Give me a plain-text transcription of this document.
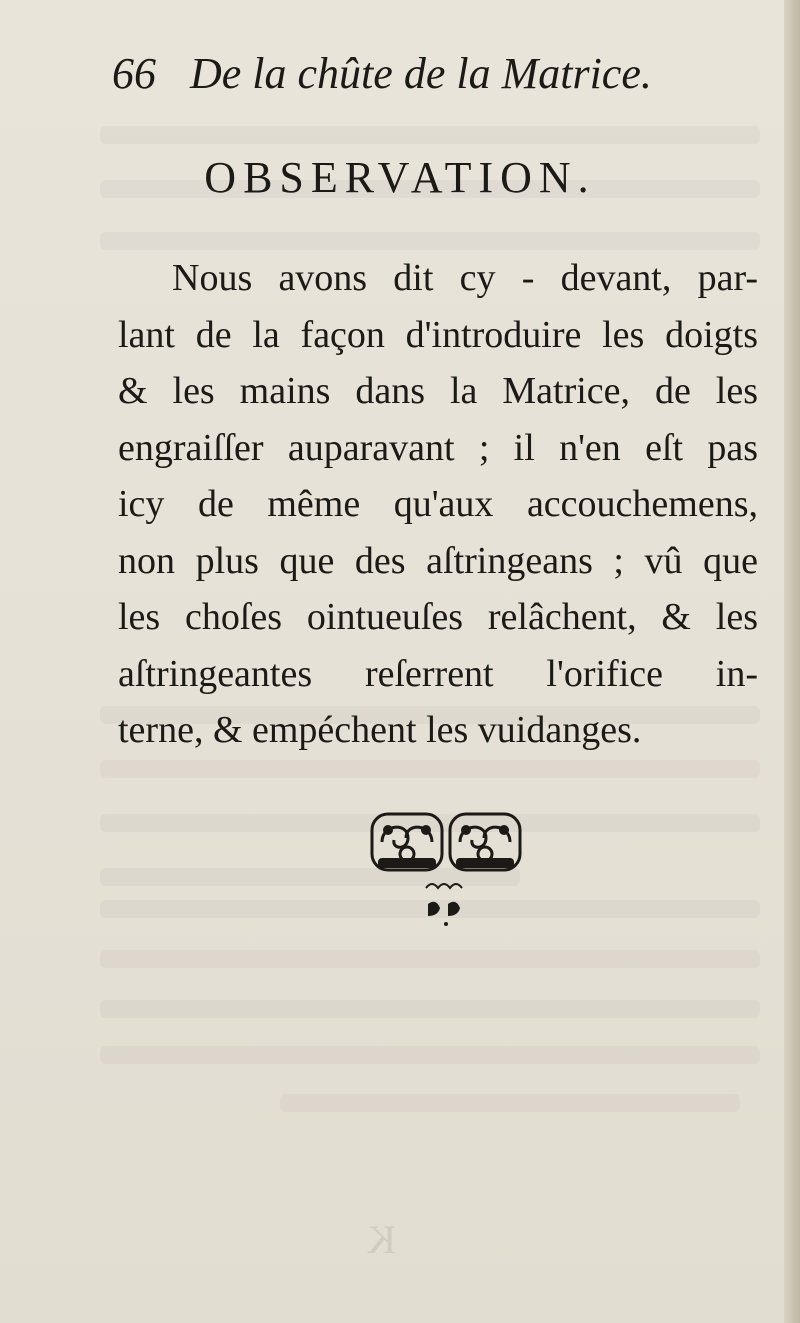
66 De la chûte de la Matrice.
OBSERVATION.
Nous avons dit cy - devant, par-
lant de la façon d'introduire les doigts
& les mains dans la Matrice, de les
engraiſſer auparavant ; il n'en eſt pas
icy de même qu'aux accouchemens,
non plus que des aſtringeans ; vû que
les choſes ointueuſes relâchent, & les
aſtringeantes reſerrent l'orifice in-
terne, & empéchent les vuidanges.
K
